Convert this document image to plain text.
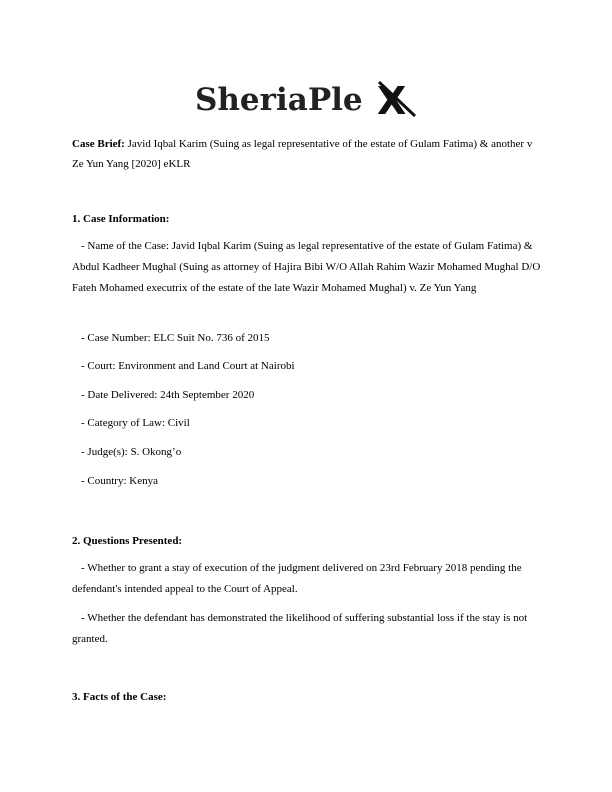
SheriaPle X
Case Brief: Javid Iqbal Karim (Suing as legal representative of the estate of Gulam Fatima) & another v Ze Yun Yang [2020] eKLR
1. Case Information:
- Name of the Case: Javid Iqbal Karim (Suing as legal representative of the estate of Gulam Fatima) & Abdul Kadheer Mughal (Suing as attorney of Hajira Bibi W/O Allah Rahim Wazir Mohamed Mughal D/O Fateh Mohamed executrix of the estate of the late Wazir Mohamed Mughal) v. Ze Yun Yang
- Case Number: ELC Suit No. 736 of 2015
- Court: Environment and Land Court at Nairobi
- Date Delivered: 24th September 2020
- Category of Law: Civil
- Judge(s): S. Okong’o
- Country: Kenya
2. Questions Presented:
- Whether to grant a stay of execution of the judgment delivered on 23rd February 2018 pending the defendant's intended appeal to the Court of Appeal.
- Whether the defendant has demonstrated the likelihood of suffering substantial loss if the stay is not granted.
3. Facts of the Case:
